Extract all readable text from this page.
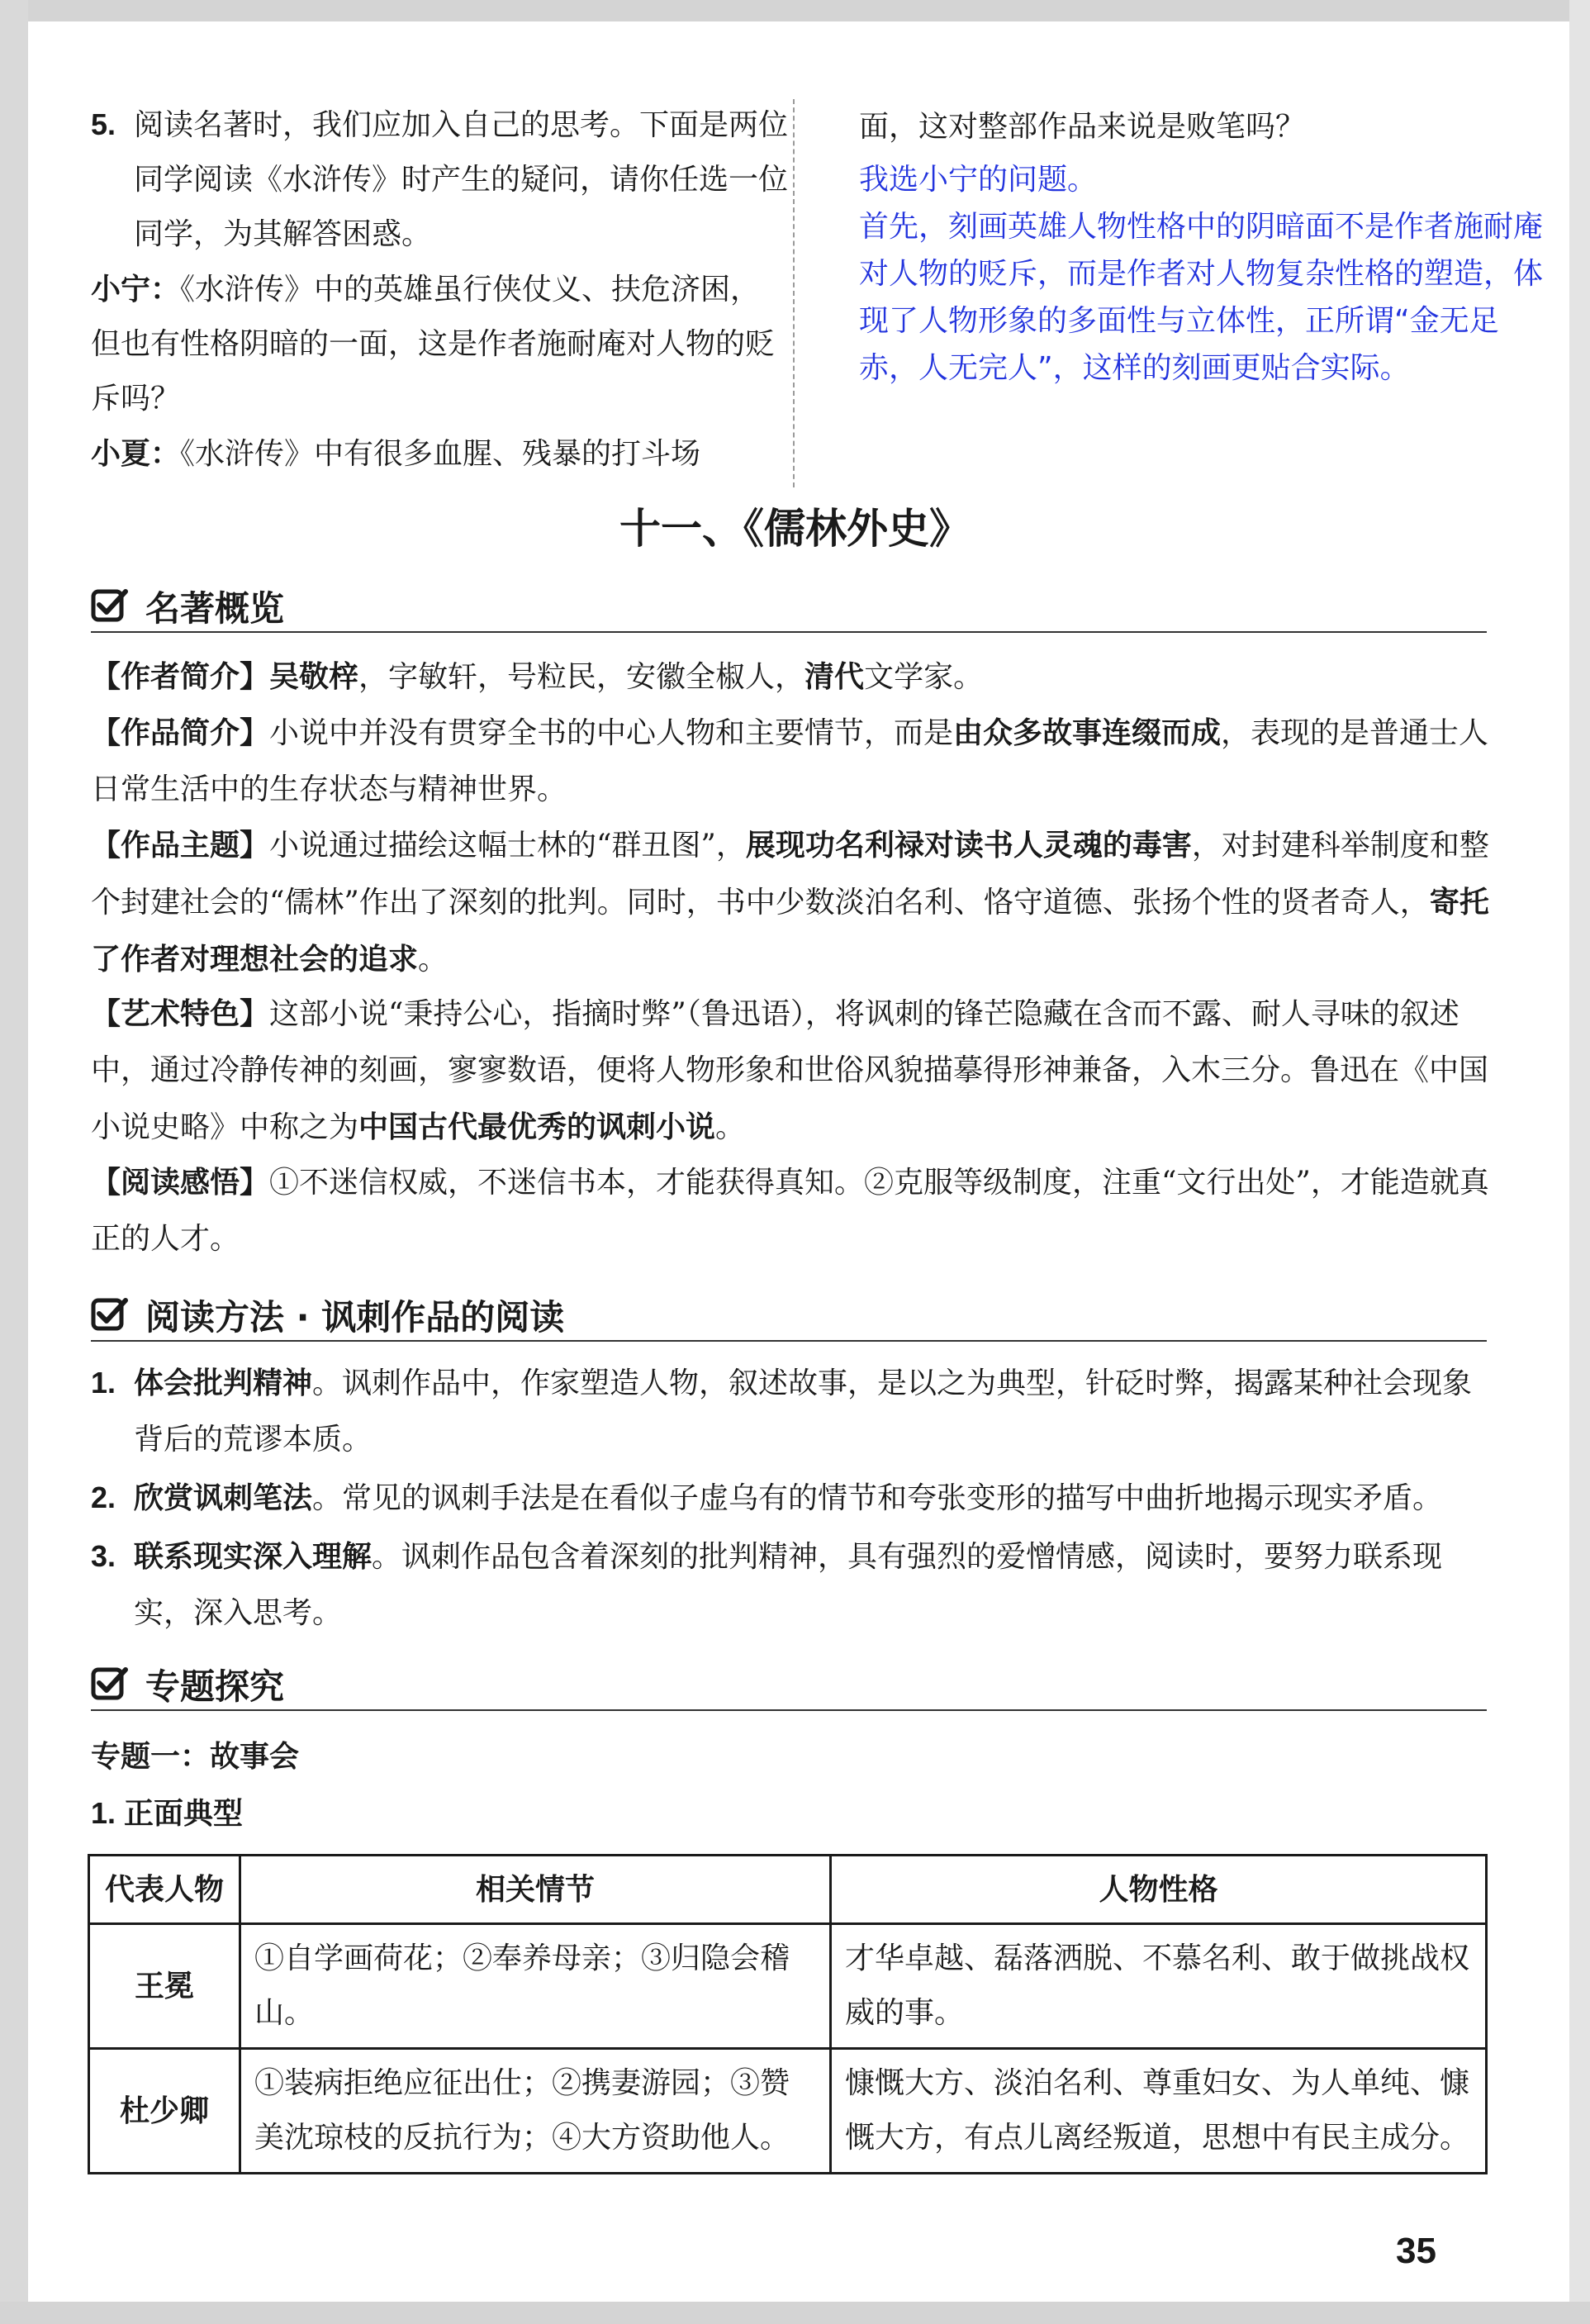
5. 阅读名著时，我们应加入自己的思考。下面是两位同学阅读《水浒传》时产生的疑问，请你任选一位同学，为其解答困惑。

小宁：《水浒传》中的英雄虽行侠仗义、扶危济困，但也有性格阴暗的一面，这是作者施耐庵对人物的贬斥吗？

小夏：《水浒传》中有很多血腥、残暴的打斗场

面，这对整部作品来说是败笔吗？

我选小宁的问题。

首先，刻画英雄人物性格中的阴暗面不是作者施耐庵对人物的贬斥，而是作者对人物复杂性格的塑造，体现了人物形象的多面性与立体性，正所谓“金无足赤，人无完人”，这样的刻画更贴合实际。

十一、《儒林外史》
名著概览

【作者简介】吴敬梓，字敏轩，号粒民，安徽全椒人，清代文学家。

【作品简介】小说中并没有贯穿全书的中心人物和主要情节，而是由众多故事连缀而成，表现的是普通士人日常生活中的生存状态与精神世界。

【作品主题】小说通过描绘这幅士林的“群丑图”，展现功名利禄对读书人灵魂的毒害，对封建科举制度和整个封建社会的“儒林”作出了深刻的批判。同时，书中少数淡泊名利、恪守道德、张扬个性的贤者奇人，寄托了作者对理想社会的追求。

【艺术特色】这部小说“秉持公心，指摘时弊”（鲁迅语），将讽刺的锋芒隐藏在含而不露、耐人寻味的叙述中，通过冷静传神的刻画，寥寥数语，便将人物形象和世俗风貌描摹得形神兼备，入木三分。鲁迅在《中国小说史略》中称之为中国古代最优秀的讽刺小说。

【阅读感悟】①不迷信权威，不迷信书本，才能获得真知。②克服等级制度，注重“文行出处”，才能造就真正的人才。

阅读方法 · 讽刺作品的阅读

1. 体会批判精神。讽刺作品中，作家塑造人物，叙述故事，是以之为典型，针砭时弊，揭露某种社会现象背后的荒谬本质。

2. 欣赏讽刺笔法。常见的讽刺手法是在看似子虚乌有的情节和夸张变形的描写中曲折地揭示现实矛盾。

3. 联系现实深入理解。讽刺作品包含着深刻的批判精神，具有强烈的爱憎情感，阅读时，要努力联系现实，深入思考。

专题探究
专题一：故事会
1. 正面典型
代表人物	相关情节	人物性格
王冕	①自学画荷花；②奉养母亲；③归隐会稽山。	才华卓越、磊落洒脱、不慕名利、敢于做挑战权威的事。
杜少卿	①装病拒绝应征出仕；②携妻游园；③赞美沈琼枝的反抗行为；④大方资助他人。	慷慨大方、淡泊名利、尊重妇女、为人单纯、慷慨大方，有点儿离经叛道，思想中有民主成分。
35
